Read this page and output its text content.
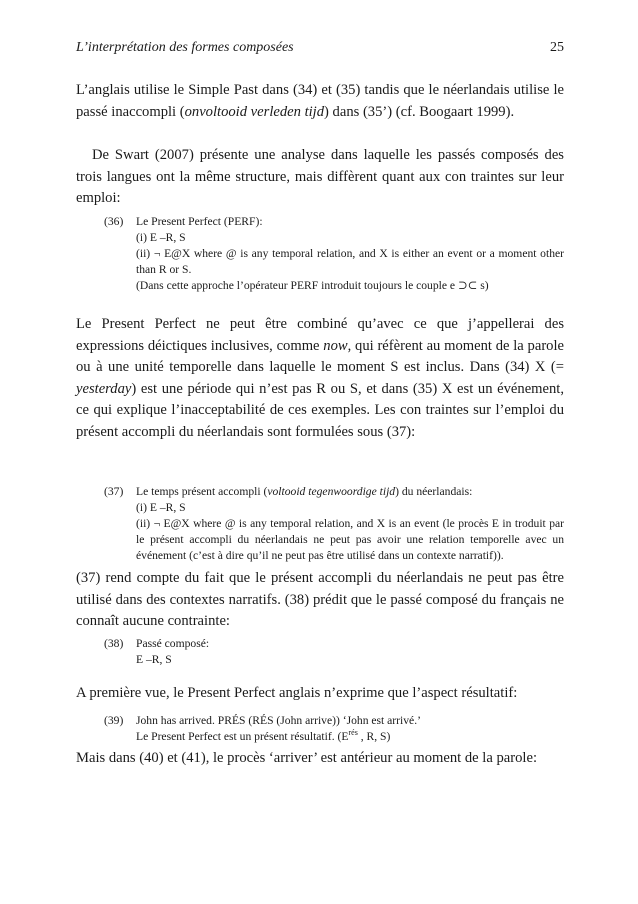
L’interprétation des formes composées	25

L’anglais utilise le Simple Past dans (34) et (35) tandis que le néerlandais utilise le passé inaccompli (onvoltooid verleden tijd) dans (35’) (cf. Boogaart 1999).

De Swart (2007) présente une analyse dans laquelle les passés composés des trois langues ont la même structure, mais diffèrent quant aux con traintes sur leur emploi:

(36) Le Present Perfect (PERF):
(i) E –R, S
(ii) ¬ E@X where @ is any temporal relation, and X is either an event or a moment other than R or S.
(Dans cette approche l’opérateur PERF introduit toujours le couple e ⊃⊂ s)

Le Present Perfect ne peut être combiné qu’avec ce que j’appellerai des expressions déictiques inclusives, comme now, qui réfèrent au moment de la parole ou à une unité temporelle dans laquelle le moment S est inclus. Dans (34) X (= yesterday) est une période qui n’est pas R ou S, et dans (35) X est un événement, ce qui explique l’inacceptabilité de ces exemples. Les con traintes sur l’emploi du présent accompli du néerlandais sont formulées sous (37):

(37) Le temps présent accompli (voltooid tegenwoordige tijd) du néerlandais:
(i) E –R, S
(ii) ¬ E@X where @ is any temporal relation, and X is an event (le procès E in troduit par le présent accompli du néerlandais ne peut pas avoir une relation temporelle avec un événement (c’est à dire qu’il ne peut pas être utilisé dans un contexte narratif)).

(37) rend compte du fait que le présent accompli du néerlandais ne peut pas être utilisé dans des contextes narratifs. (38) prédit que le passé composé du français ne connaît aucune contrainte:

(38) Passé composé:
E –R, S

A première vue, le Present Perfect anglais n’exprime que l’aspect résultatif:

(39) John has arrived. PRÉS (RÉS (John arrive)) ‘John est arrivé.’
Le Present Perfect est un présent résultatif. ($E^{rés}$ , R, S)

Mais dans (40) et (41), le procès ‘arriver’ est antérieur au moment de la parole:
